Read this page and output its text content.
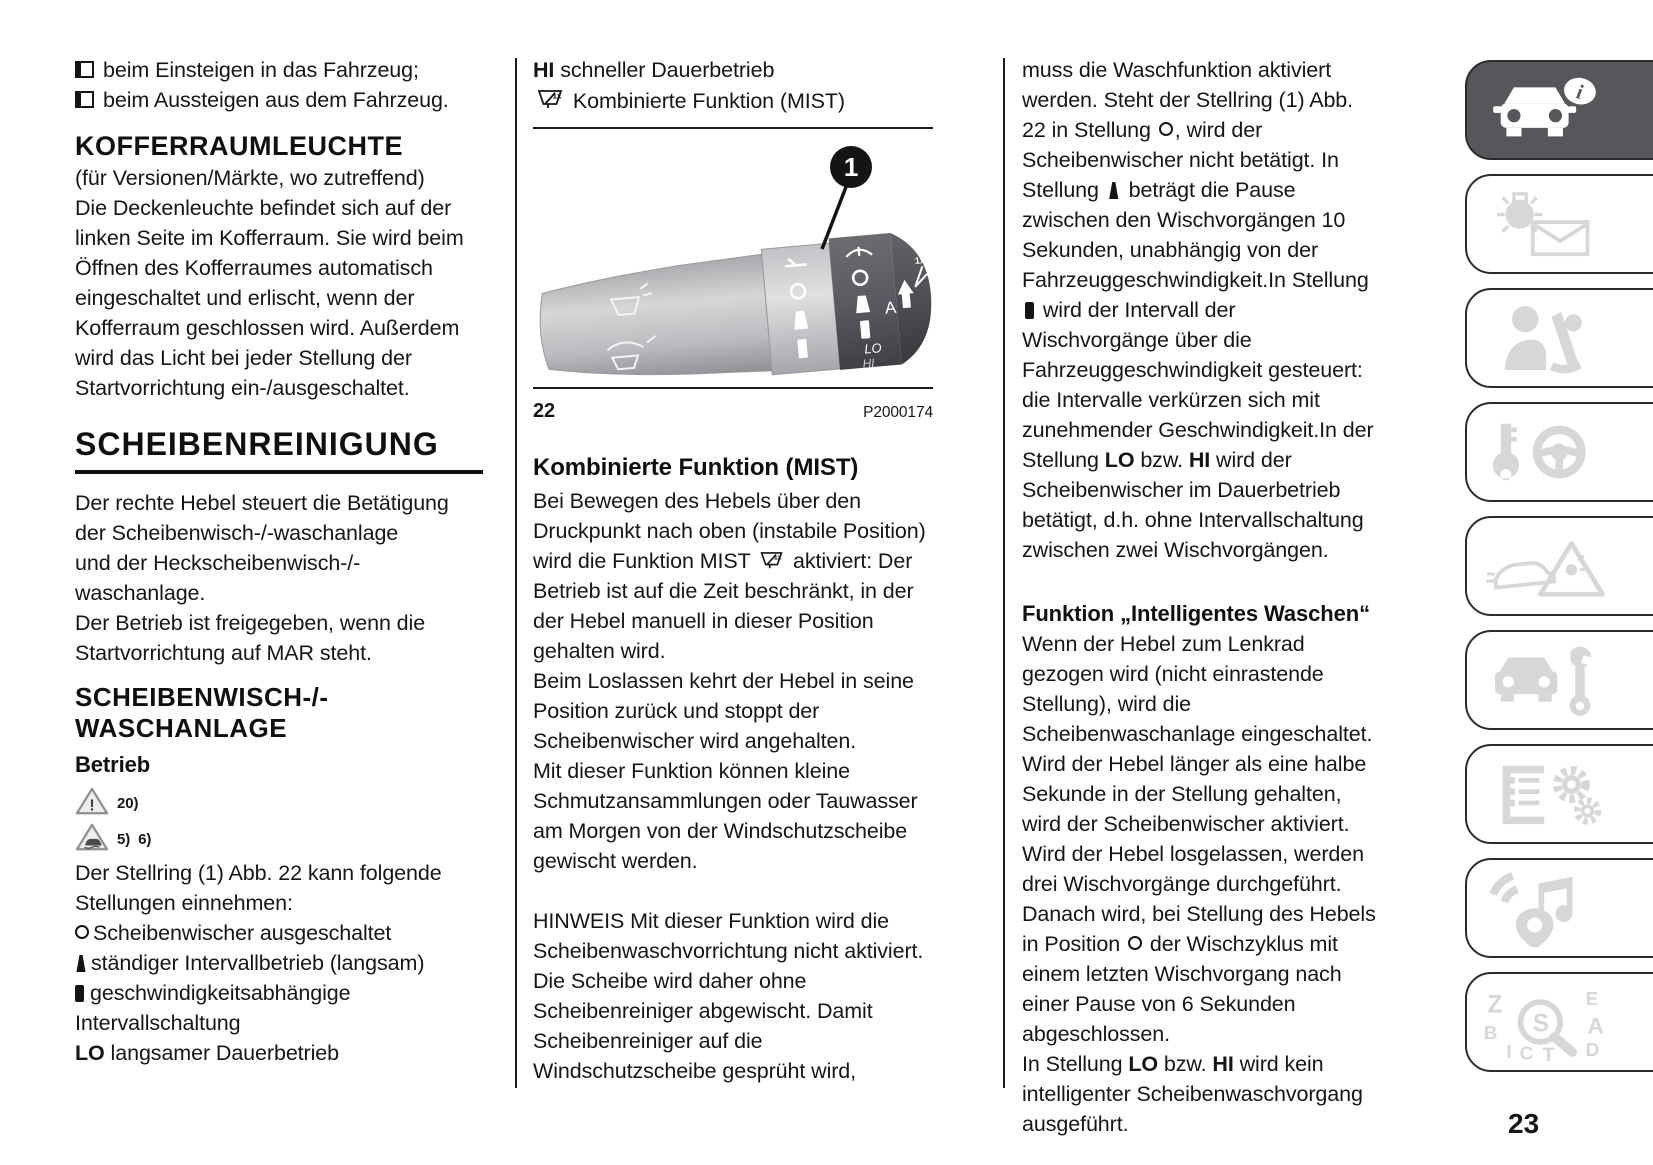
beim Einsteigen in das Fahrzeug;

beim Aussteigen aus dem Fahrzeug.

KOFFERRAUMLEUCHTE

(für Versionen/Märkte, wo zutreffend)

Die Deckenleuchte befindet sich auf der linken Seite im Kofferraum. Sie wird beim Öffnen des Kofferraumes automatisch eingeschaltet und erlischt, wenn der Kofferraum geschlossen wird. Außerdem wird das Licht bei jeder Stellung der Startvorrichtung ein-/ausgeschaltet.

SCHEIBENREINIGUNG

Der rechte Hebel steuert die Betätigung
der Scheibenwisch-/-waschanlage
und der Heckscheibenwisch-/-
waschanlage.

Der Betrieb ist freigegeben, wenn die Startvorrichtung auf MAR steht.

SCHEIBENWISCH-/-
WASCHANLAGE
Betrieb
! 20)
5) 6)

Der Stellring (1) Abb. 22 kann folgende Stellungen einnehmen:

Scheibenwischer ausgeschaltet

ständiger Intervallbetrieb (langsam)

geschwindigkeitsabhängige Intervallschaltung

LO langsamer Dauerbetrieb

HI schneller Dauerbetrieb

1x Kombinierte Funktion (MIST)

A
LO
HI
1x
1
22	P2000174
Kombinierte Funktion (MIST)

Bei Bewegen des Hebels über den Druckpunkt nach oben (instabile Position) wird die Funktion MIST	1x aktiviert: Der Betrieb ist auf die Zeit beschränkt, in der der Hebel manuell in dieser Position gehalten wird.

Beim Loslassen kehrt der Hebel in seine Position zurück und stoppt der Scheibenwischer wird angehalten.

Mit dieser Funktion können kleine Schmutzansammlungen oder Tauwasser am Morgen von der Windschutzscheibe gewischt werden.

HINWEIS Mit dieser Funktion wird die Scheibenwaschvorrichtung nicht aktiviert. Die Scheibe wird daher ohne Scheibenreiniger abgewischt. Damit Scheibenreiniger auf die Windschutzscheibe gesprüht wird,

muss die Waschfunktion aktiviert werden. Steht der Stellring (1) Abb. 22 in Stellung , wird der Scheibenwischer nicht betätigt. In Stellung  beträgt die Pause zwischen den Wischvorgängen 10 Sekunden, unabhängig von der Fahrzeuggeschwindigkeit.In Stellung  wird der Intervall der Wischvorgänge über die Fahrzeuggeschwindigkeit gesteuert: die Intervalle verkürzen sich mit zunehmender Geschwindigkeit.In der Stellung LO bzw. HI wird der Scheibenwischer im Dauerbetrieb betätigt, d.h. ohne Intervallschaltung zwischen zwei Wischvorgängen.

Funktion „Intelligentes Waschen“

Wenn der Hebel zum Lenkrad gezogen wird (nicht einrastende Stellung), wird die Scheibenwaschanlage eingeschaltet.

Wird der Hebel länger als eine halbe Sekunde in der Stellung gehalten, wird der Scheibenwischer aktiviert. Wird der Hebel losgelassen, werden drei Wischvorgänge durchgeführt.

Danach wird, bei Stellung des Hebels in Position  der Wischzyklus mit einem letzten Wischvorgang nach einer Pause von 6 Sekunden abgeschlossen.

In Stellung LO bzw. HI wird kein intelligenter Scheibenwaschvorgang ausgeführt.

i
Z	E
B	A
I C T D
S
23
